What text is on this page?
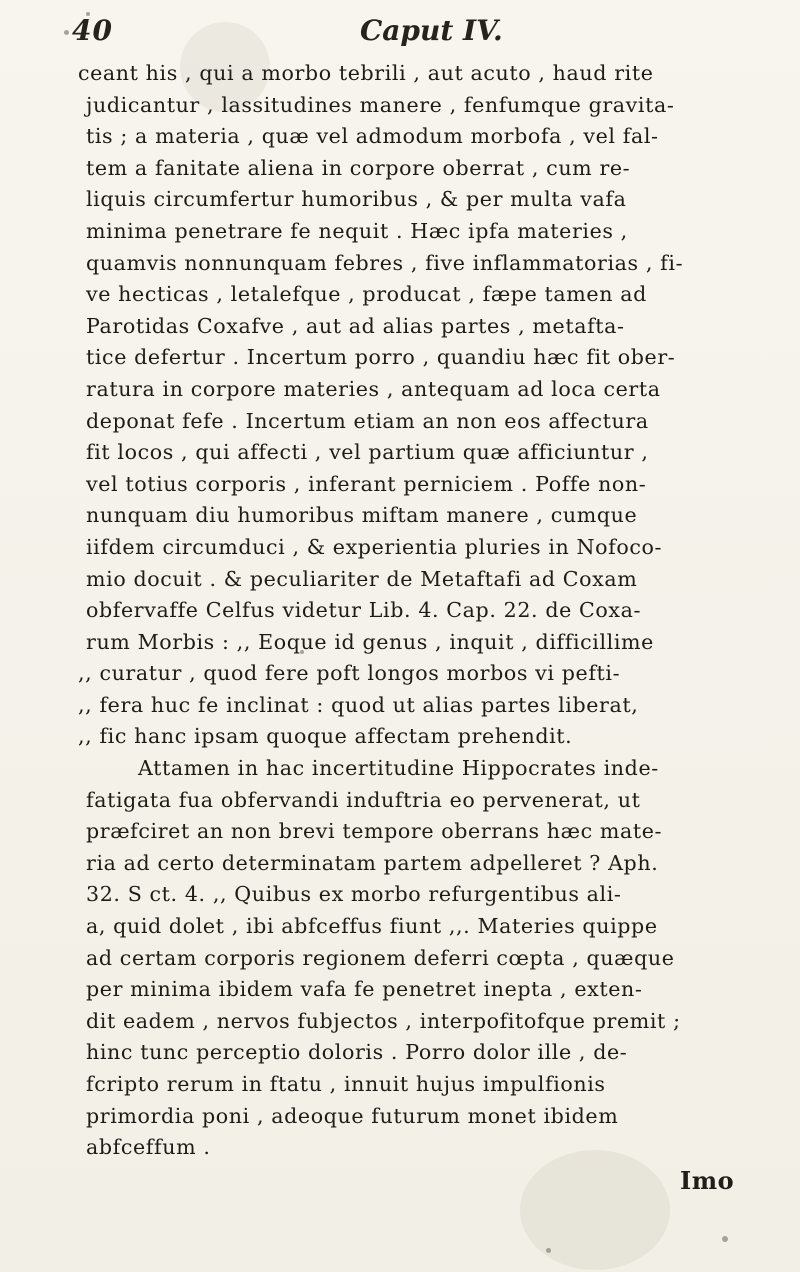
40	Caput IV.
ceant his , qui a morbo tebrili , aut acuto , haud rite
judicantur , lassitudines manere , fenfumque gravita-
tis ; a materia , quæ vel admodum morbofa , vel fal-
tem a fanitate aliena in corpore oberrat , cum re-
liquis circumfertur humoribus , & per multa vafa
minima penetrare fe nequit . Hæc ipfa materies ,
quamvis nonnunquam febres , five inflammatorias , fi-
ve hecticas , letalefque , producat , fæpe tamen ad
Parotidas Coxafve , aut ad alias partes , metafta-
tice defertur . Incertum porro , quandiu hæc fit ober-
ratura in corpore materies , antequam ad loca certa
deponat fefe . Incertum etiam an non eos affectura
fit locos , qui affecti , vel partium quæ afficiuntur ,
vel totius corporis , inferant perniciem . Poffe non-
nunquam diu humoribus miftam manere , cumque
iifdem circumduci , & experientia pluries in Nofoco-
mio docuit . & peculiariter de Metaftafi ad Coxam
obfervaffe Celfus videtur Lib. 4. Cap. 22. de Coxa-
rum Morbis : ,, Eoque id genus , inquit , difficillime
,, curatur , quod fere poft longos morbos vi pefti-
,, fera huc fe inclinat : quod ut alias partes liberat,
,, fic hanc ipsam quoque affectam prehendit.
Attamen in hac incertitudine Hippocrates inde-
fatigata fua obfervandi induftria eo pervenerat, ut
præfciret an non brevi tempore oberrans hæc mate-
ria ad certo determinatam partem adpelleret ? Aph.
32. S ct. 4. ,, Quibus ex morbo refurgentibus ali-
a, quid dolet , ibi abfceffus fiunt ,,. Materies quippe
ad certam corporis regionem deferri cœpta , quæque
per minima ibidem vafa fe penetret inepta , exten-
dit eadem , nervos fubjectos , interpofitofque premit ;
hinc tunc perceptio doloris . Porro dolor ille , de-
fcripto rerum in ftatu , innuit hujus impulfionis
primordia poni , adeoque futurum monet ibidem
abfceffum .
Imo
